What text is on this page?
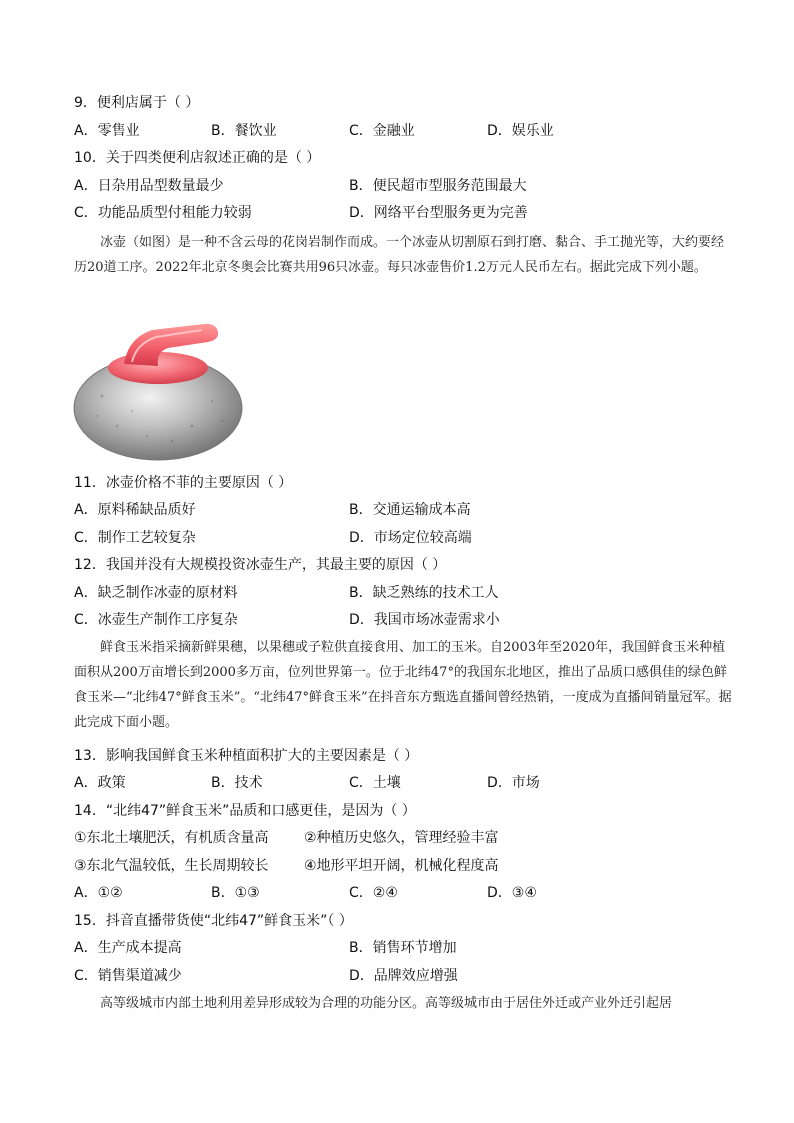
9．便利店属于（ ）
A．零售业	B．餐饮业	C．金融业	D．娱乐业
10．关于四类便利店叙述正确的是（ ）
A．日杂用品型数量最少	B．便民超市型服务范围最大
C．功能品质型付租能力较弱	D．网络平台型服务更为完善
冰壶（如图）是一种不含云母的花岗岩制作而成。一个冰壶从切割原石到打磨、黏合、手工抛光等，大约要经历20道工序。2022年北京冬奥会比赛共用96只冰壶。每只冰壶售价1.2万元人民币左右。据此完成下列小题。
11．冰壶价格不菲的主要原因（ ）
A．原料稀缺品质好	B．交通运输成本高
C．制作工艺较复杂	D．市场定位较高端
12．我国并没有大规模投资冰壶生产，其最主要的原因（ ）
A．缺乏制作冰壶的原材料	B．缺乏熟练的技术工人
C．冰壶生产制作工序复杂	D．我国市场冰壶需求小
鲜食玉米指采摘新鲜果穗，以果穗或子粒供直接食用、加工的玉米。自2003年至2020年，我国鲜食玉米种植面积从200万亩增长到2000多万亩，位列世界第一。位于北纬47°的我国东北地区，推出了品质口感俱佳的绿色鲜食玉米—“北纬47°鲜食玉米”。“北纬47°鲜食玉米”在抖音东方甄选直播间曾经热销，一度成为直播间销量冠军。据此完成下面小题。
13．影响我国鲜食玉米种植面积扩大的主要因素是（ ）
A．政策	B．技术	C．土壤	D．市场
14．“北纬47”鲜食玉米”品质和口感更佳，是因为（ ）
①东北土壤肥沃，有机质含量高	②种植历史悠久，管理经验丰富
③东北气温较低，生长周期较长	④地形平坦开阔，机械化程度高
A．①②	B．①③	C．②④	D．③④
15．抖音直播带货使“北纬47”鲜食玉米”（ ）
A．生产成本提高	B．销售环节增加
C．销售渠道减少	D．品牌效应增强
高等级城市内部土地利用差异形成较为合理的功能分区。高等级城市由于居住外迁或产业外迁引起居
